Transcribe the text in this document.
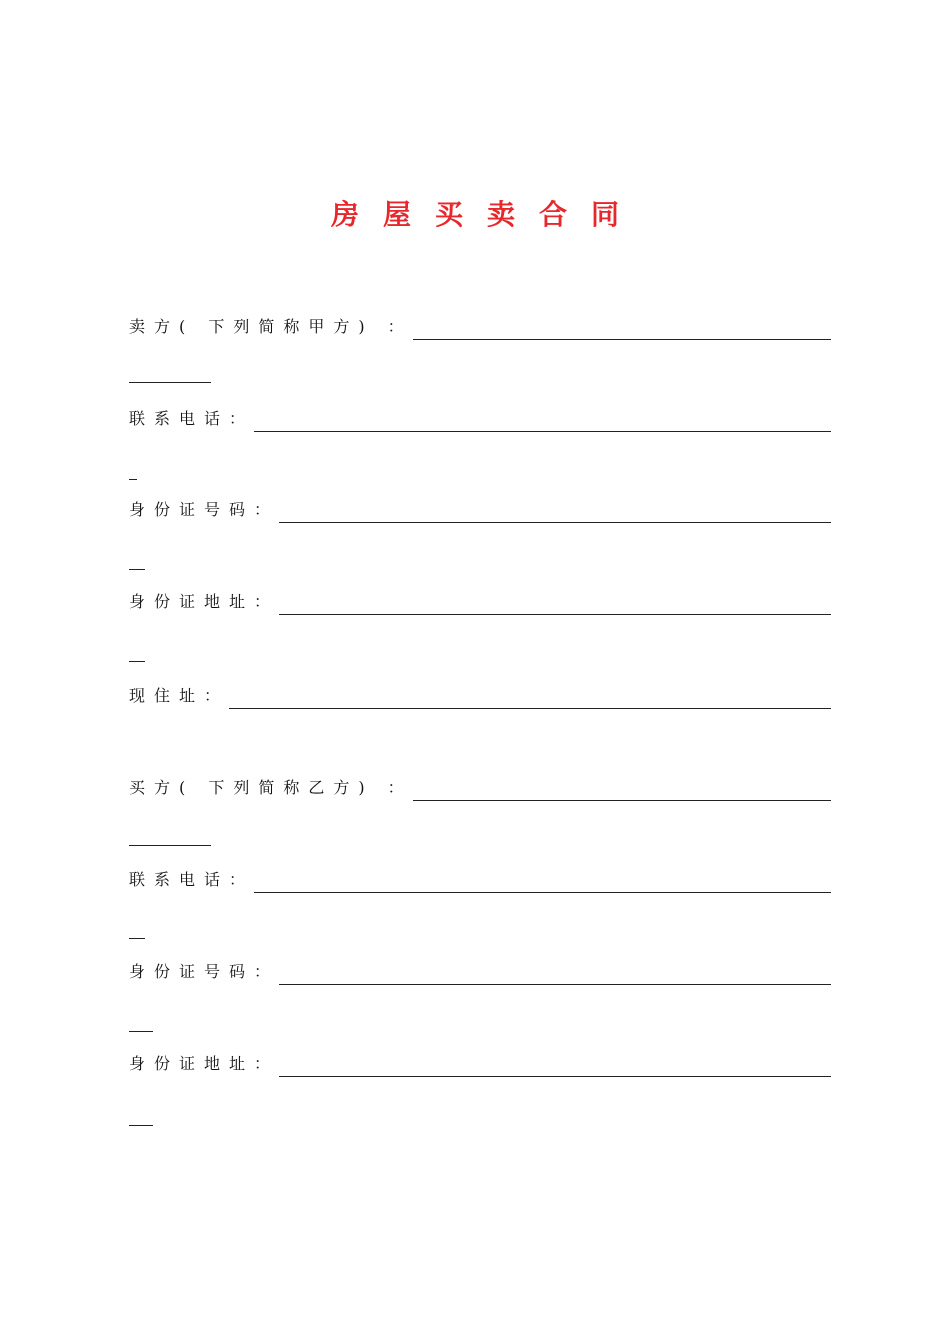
房屋买卖合同
卖方( 下列简称甲方) ：
联系电话：
身份证号码：
身份证地址：
现住址：
买方( 下列简称乙方) ：
联系电话：
身份证号码：
身份证地址：
